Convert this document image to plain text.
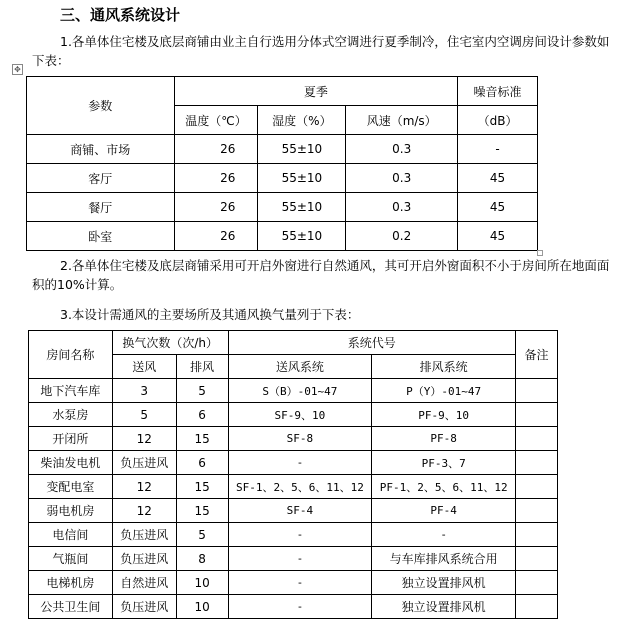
三、通风系统设计
1.各单体住宅楼及底层商铺由业主自行选用分体式空调进行夏季制冷，住宅室内空调房间设计参数如
下表：
✥
参数	夏季			噪音标准
	温度（℃）	湿度（%）	风速（m/s）	（dB）
商铺、市场	26	55±10	0.3	-
客厅	26	55±10	0.3	45
餐厅	26	55±10	0.3	45
卧室	26	55±10	0.2	45
2.各单体住宅楼及底层商铺采用可开启外窗进行自然通风，其可开启外窗面积不小于房间所在地面面
积的10%计算。
3.本设计需通风的主要场所及其通风换气量列于下表：
房间名称	换气次数（次/h）		系统代号		备注
	送风	排风	送风系统	排风系统	
地下汽车库	3	5	S（B）-01~47	P（Y）-01~47	
水泵房	5	6	SF-9、10	PF-9、10	
开闭所	12	15	SF-8	PF-8	
柴油发电机	负压进风	6	-	PF-3、7	
变配电室	12	15	SF-1、2、5、6、11、12	PF-1、2、5、6、11、12	
弱电机房	12	15	SF-4	PF-4	
电信间	负压进风	5	-	-	
气瓶间	负压进风	8	-	与车库排风系统合用	
电梯机房	自然进风	10	-	独立设置排风机	
公共卫生间	负压进风	10	-	独立设置排风机	
